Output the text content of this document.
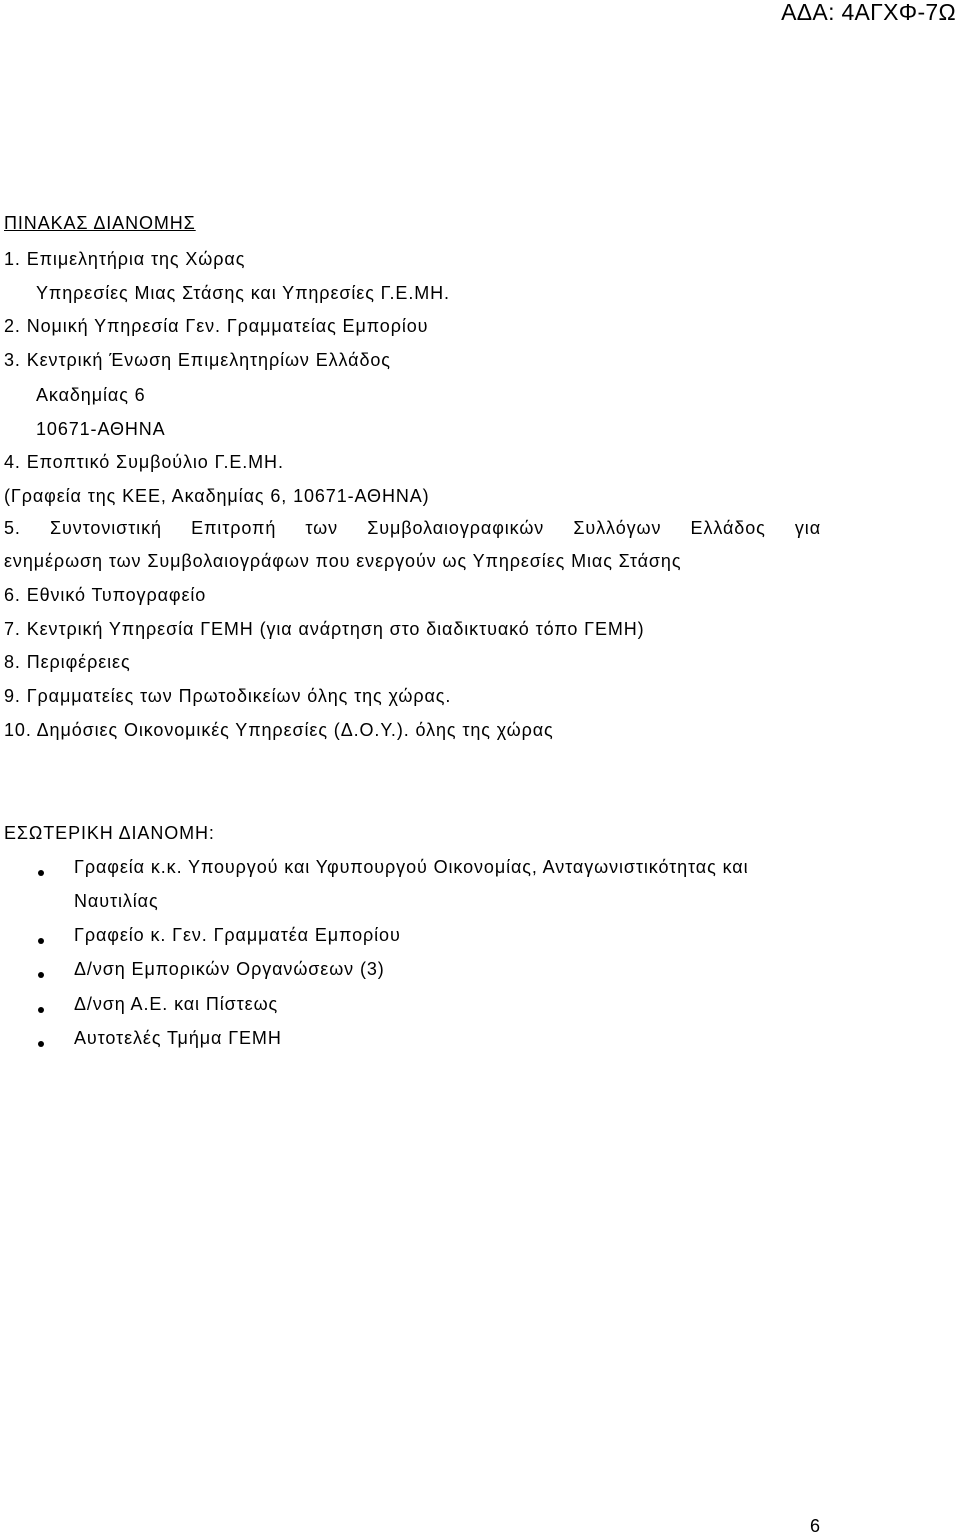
ΑΔΑ: 4ΑΓΧΦ-7Ω
ΠΙΝΑΚΑΣ ΔΙΑΝΟΜΗΣ
1. Επιμελητήρια της Χώρας
Υπηρεσίες Μιας Στάσης και Υπηρεσίες Γ.Ε.ΜΗ.
2. Νομική Υπηρεσία Γεν. Γραμματείας Εμπορίου
3. Κεντρική Ένωση Επιμελητηρίων Ελλάδος
Ακαδημίας 6
10671-ΑΘΗΝΑ
4. Εποπτικό Συμβούλιο Γ.Ε.ΜΗ.
(Γραφεία της ΚΕΕ, Ακαδημίας 6, 10671-ΑΘΗΝΑ)
5. Συντονιστική Επιτροπή των Συμβολαιογραφικών Συλλόγων Ελλάδος για
ενημέρωση των Συμβολαιογράφων που ενεργούν ως Υπηρεσίες Μιας Στάσης
6. Εθνικό Τυπογραφείο
7. Κεντρική Υπηρεσία ΓΕΜΗ (για ανάρτηση στο διαδικτυακό τόπο ΓΕΜΗ)
8. Περιφέρειες
9. Γραμματείες των Πρωτοδικείων όλης της χώρας.
10. Δημόσιες Οικονομικές Υπηρεσίες (Δ.Ο.Υ.). όλης της χώρας
ΕΣΩΤΕΡΙΚΗ ΔΙΑΝΟΜΗ:
Γραφεία κ.κ. Υπουργού και Υφυπουργού Οικονομίας, Ανταγωνιστικότητας και
Ναυτιλίας
Γραφείο κ. Γεν. Γραμματέα Εμπορίου
Δ/νση Εμπορικών Οργανώσεων (3)
Δ/νση Α.Ε. και Πίστεως
Αυτοτελές Τμήμα ΓΕΜΗ
6
